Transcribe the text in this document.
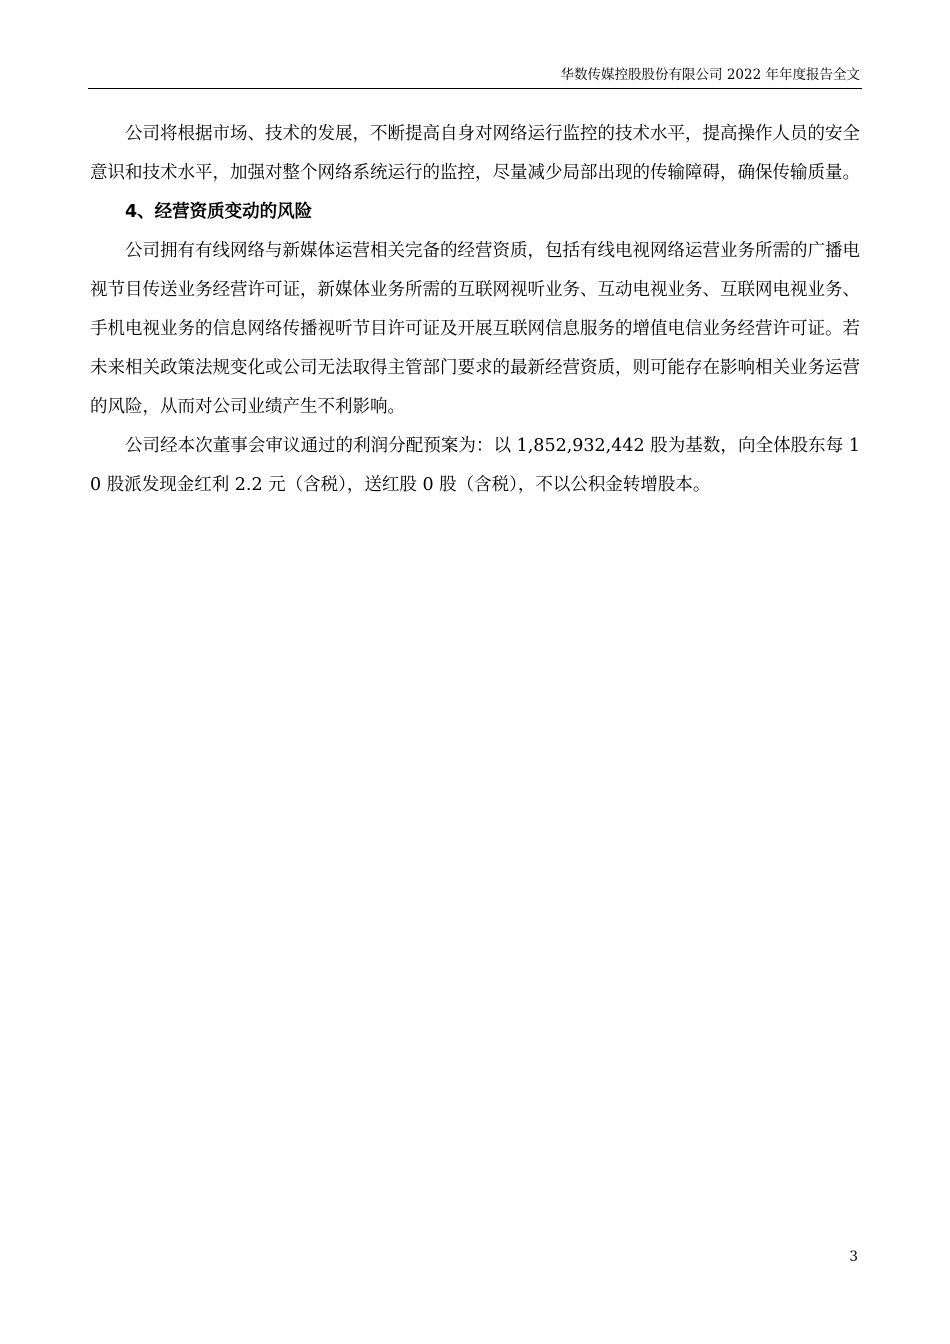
华数传媒控股股份有限公司 2022 年年度报告全文

公司将根据市场、技术的发展，不断提高自身对网络运行监控的技术水平，提高操作人员的安全意识和技术水平，加强对整个网络系统运行的监控，尽量减少局部出现的传输障碍，确保传输质量。

4、经营资质变动的风险

公司拥有有线网络与新媒体运营相关完备的经营资质，包括有线电视网络运营业务所需的广播电视节目传送业务经营许可证，新媒体业务所需的互联网视听业务、互动电视业务、互联网电视业务、手机电视业务的信息网络传播视听节目许可证及开展互联网信息服务的增值电信业务经营许可证。若未来相关政策法规变化或公司无法取得主管部门要求的最新经营资质，则可能存在影响相关业务运营的风险，从而对公司业绩产生不利影响。

公司经本次董事会审议通过的利润分配预案为：以 1,852,932,442 股为基数，向全体股东每 10 股派发现金红利 2.2 元（含税），送红股 0 股（含税），不以公积金转增股本。

3
